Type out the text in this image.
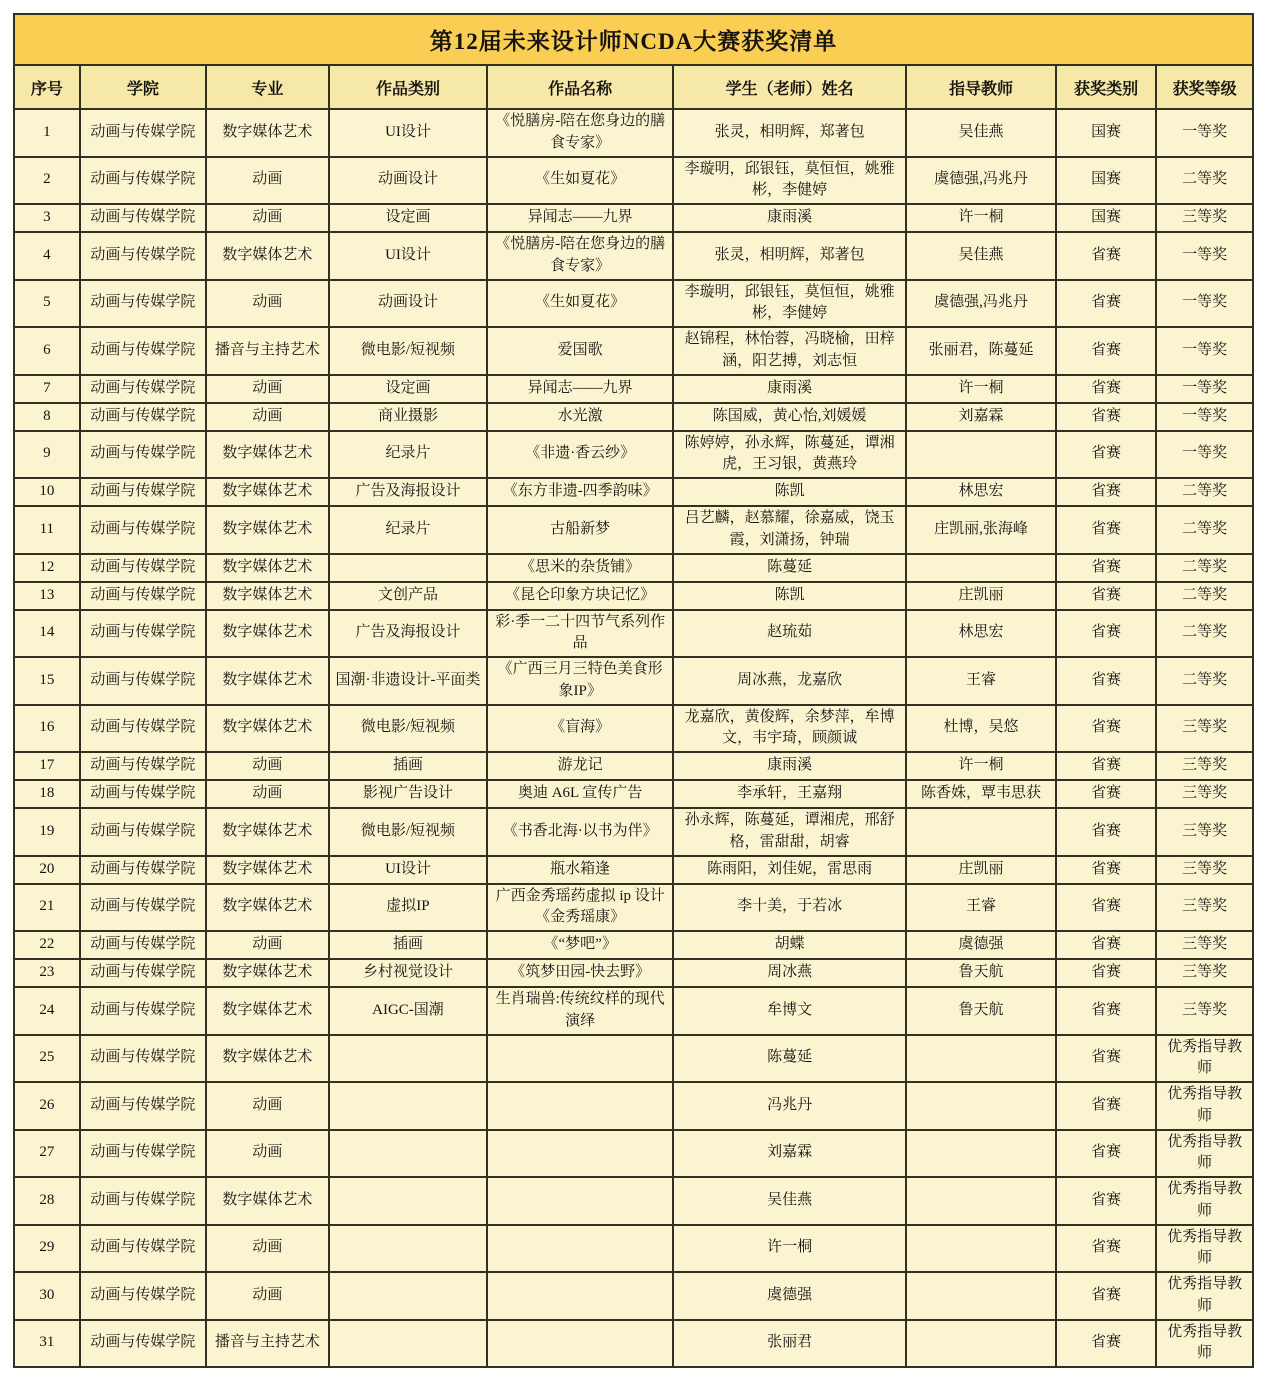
第12届未来设计师NCDA大赛获奖清单								
序号	学院	专业	作品类别	作品名称	学生（老师）姓名	指导教师	获奖类别	获奖等级
1	动画与传媒学院	数字媒体艺术	UI设计	《悦膳房-陪在您身边的膳食专家》	张灵，相明辉，郑著包	吴佳燕	国赛	一等奖
2	动画与传媒学院	动画	动画设计	《生如夏花》	李璇明，邱银钰，莫恒恒，姚雅彬，李健婷	虞德强,冯兆丹	国赛	二等奖
3	动画与传媒学院	动画	设定画	异闻志——九界	康雨溪	许一桐	国赛	三等奖
4	动画与传媒学院	数字媒体艺术	UI设计	《悦膳房-陪在您身边的膳食专家》	张灵，相明辉，郑著包	吴佳燕	省赛	一等奖
5	动画与传媒学院	动画	动画设计	《生如夏花》	李璇明，邱银钰，莫恒恒，姚雅彬，李健婷	虞德强,冯兆丹	省赛	一等奖
6	动画与传媒学院	播音与主持艺术	微电影/短视频	爱国歌	赵锦程，林怡蓉，冯晓榆，田梓涵，阳艺搏，刘志恒	张丽君，陈蔓延	省赛	一等奖
7	动画与传媒学院	动画	设定画	异闻志——九界	康雨溪	许一桐	省赛	一等奖
8	动画与传媒学院	动画	商业摄影	水光激	陈国威，黄心怡,刘媛媛	刘嘉霖	省赛	一等奖
9	动画与传媒学院	数字媒体艺术	纪录片	《非遗·香云纱》	陈婷婷，孙永辉，陈蔓延，谭湘虎，王习银，黄燕玲		省赛	一等奖
10	动画与传媒学院	数字媒体艺术	广告及海报设计	《东方非遗-四季韵味》	陈凯	林思宏	省赛	二等奖
11	动画与传媒学院	数字媒体艺术	纪录片	古船新梦	吕艺麟，赵慕耀，徐嘉威，饶玉霞，刘潇扬，钟瑞	庄凯丽,张海峰	省赛	二等奖
12	动画与传媒学院	数字媒体艺术		《思米的杂货铺》	陈蔓延		省赛	二等奖
13	动画与传媒学院	数字媒体艺术	文创产品	《昆仑印象方块记忆》	陈凯	庄凯丽	省赛	二等奖
14	动画与传媒学院	数字媒体艺术	广告及海报设计	彩·季一二十四节气系列作品	赵琉茹	林思宏	省赛	二等奖
15	动画与传媒学院	数字媒体艺术	国潮·非遗设计-平面类	《广西三月三特色美食形象IP》	周冰燕，龙嘉欣	王睿	省赛	二等奖
16	动画与传媒学院	数字媒体艺术	微电影/短视频	《盲海》	龙嘉欣，黄俊辉，余梦萍，牟博文，韦宇琦，顾颜诚	杜博，吴悠	省赛	三等奖
17	动画与传媒学院	动画	插画	游龙记	康雨溪	许一桐	省赛	三等奖
18	动画与传媒学院	动画	影视广告设计	奥迪 A6L 宣传广告	李承轩，王嘉翔	陈香姝，覃韦思获	省赛	三等奖
19	动画与传媒学院	数字媒体艺术	微电影/短视频	《书香北海·以书为伴》	孙永辉，陈蔓延，谭湘虎，邢舒格，雷甜甜，胡睿		省赛	三等奖
20	动画与传媒学院	数字媒体艺术	UI设计	瓶水箱逢	陈雨阳，刘佳妮，雷思雨	庄凯丽	省赛	三等奖
21	动画与传媒学院	数字媒体艺术	虚拟IP	广西金秀瑶药虚拟 ip 设计《金秀瑶康》	李十美，于若冰	王睿	省赛	三等奖
22	动画与传媒学院	动画	插画	《“梦吧”》	胡蝶	虞德强	省赛	三等奖
23	动画与传媒学院	数字媒体艺术	乡村视觉设计	《筑梦田园-快去野》	周冰燕	鲁天航	省赛	三等奖
24	动画与传媒学院	数字媒体艺术	AIGC-国潮	生肖瑞兽:传统纹样的现代演绎	牟博文	鲁天航	省赛	三等奖
25	动画与传媒学院	数字媒体艺术			陈蔓延		省赛	优秀指导教师
26	动画与传媒学院	动画			冯兆丹		省赛	优秀指导教师
27	动画与传媒学院	动画			刘嘉霖		省赛	优秀指导教师
28	动画与传媒学院	数字媒体艺术			吴佳燕		省赛	优秀指导教师
29	动画与传媒学院	动画			许一桐		省赛	优秀指导教师
30	动画与传媒学院	动画			虞德强		省赛	优秀指导教师
31	动画与传媒学院	播音与主持艺术			张丽君		省赛	优秀指导教师
